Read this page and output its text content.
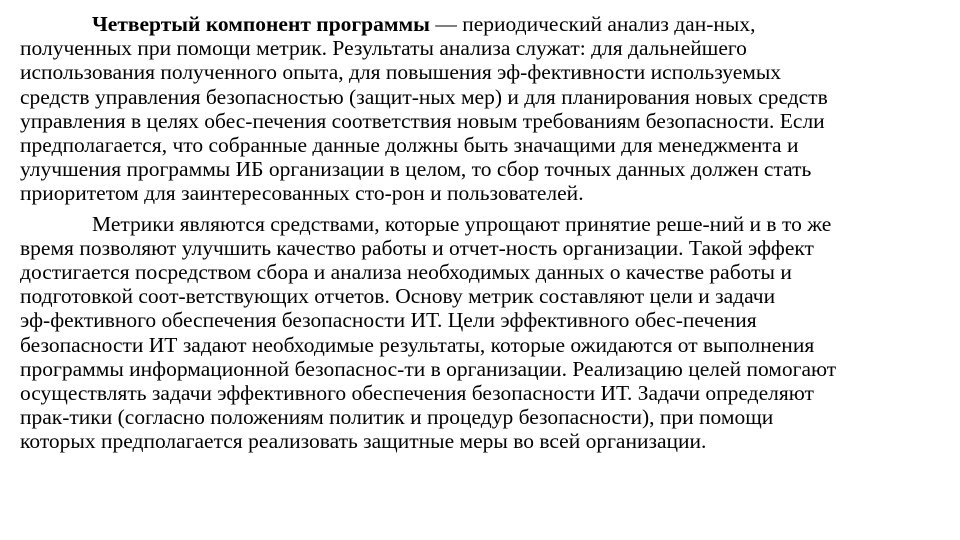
Четвертый компонент программы — периодический анализ дан-ных,
полученных при помощи метрик. Результаты анализа служат: для дальнейшего
использования полученного опыта, для повышения эф-фективности используемых
средств управления безопасностью (защит-ных мер) и для планирования новых средств
управления в целях обес-печения соответствия новым требованиям безопасности. Если
предполагается, что собранные данные должны быть значащими для менеджмента и
улучшения программы ИБ организации в целом, то сбор точных данных должен стать
приоритетом для заинтересованных сто-рон и пользователей.

Метрики являются средствами, которые упрощают принятие реше-ний и в то же
время позволяют улучшить качество работы и отчет-ность организации. Такой эффект
достигается посредством сбора и анализа необходимых данных о качестве работы и
подготовкой соот-ветствующих отчетов. Основу метрик составляют цели и задачи
эф-фективного обеспечения безопасности ИТ. Цели эффективного обес-печения
безопасности ИТ задают необходимые результаты, которые ожидаются от выполнения
программы информационной безопаснос-ти в организации. Реализацию целей помогают
осуществлять задачи эффективного обеспечения безопасности ИТ. Задачи определяют
прак-тики (согласно положениям политик и процедур безопасности), при помощи
которых предполагается реализовать защитные меры во всей организации.
